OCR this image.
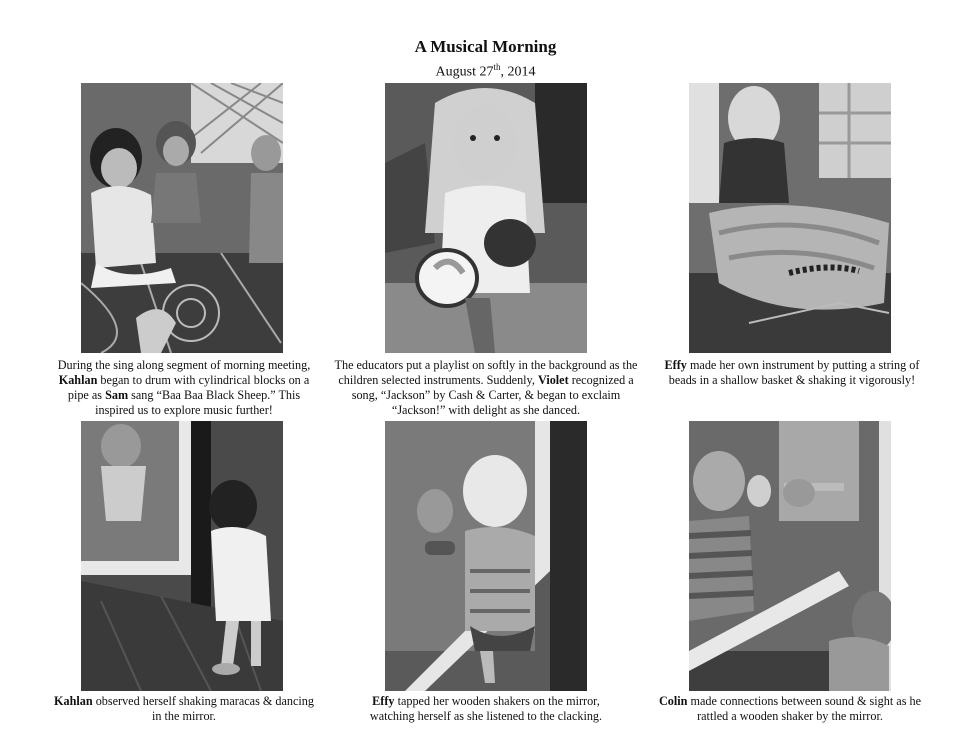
A Musical Morning
August 27th, 2014
During the sing along segment of morning meeting, Kahlan began to drum with cylindrical blocks on a pipe as Sam sang “Baa Baa Black Sheep.” This inspired us to explore music further!
The educators put a playlist on softly in the background as the children selected instruments. Suddenly, Violet recognized a song, “Jackson” by Cash & Carter, & began to exclaim “Jackson!” with delight as she danced.
Effy made her own instrument by putting a string of beads in a shallow basket & shaking it vigorously!
Kahlan observed herself shaking maracas & dancing in the mirror.
Effy tapped her wooden shakers on the mirror, watching herself as she listened to the clacking.
Colin made connections between sound & sight as he rattled a wooden shaker by the mirror.
